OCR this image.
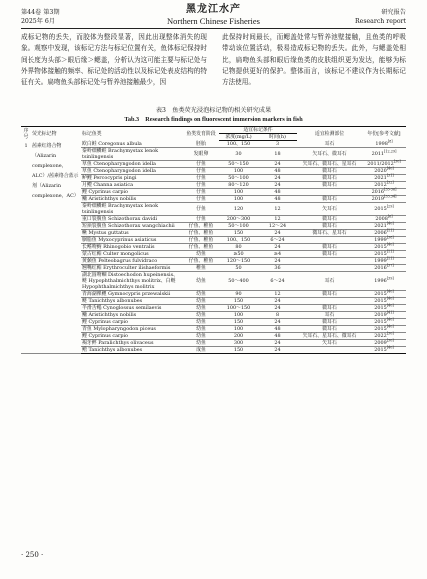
第44卷 第3期
2025年 6月
黑龙江水产
Northern Chinese Fisheries
研究报告
Research report
成标记物的丢失，而胶体为整段显著，因此出现整体消失的现象。观察中发现，该标记方法与标记位置有关，鱼体标记保持时间长度为头部＞眼后缘＞鳃盖，分析认为这可能主要与标记处与外界物体接触的频率、标记处的活动性以及标记处表皮结构的特征有关。扁吻鱼头部标记处与暂养池接触最少，因
此保持时间最长，而鳃盖处常与暂养池壁接触，且鱼类的呼吸带动该位置活动，极易造成标记物的丢失。此外，与鳃盖处相比，扁吻鱼头部和眼后缘鱼类的皮肤组织更为发达，能够为标记物提供更好的保护。整体而言，该标记不建议作为长期标记方法使用。
表3　鱼类荧光浸泡标记物的相关研究成果
Tab.3　Research findings on fluorescent immersion markers in fish
序号	荧光标记物	标记鱼类	鱼类发育阶段	适宜标记条件		适宜检测部位	年份[参考文献]
				浓度(mg/L)	时间(h)		
1	茜素红络合物（Alizarin complexone，ALC）/茜素络合蓝示剂（Alizarin complexone，AC）	欧白鲑 Coregonus albula	胚胎	100、150	3	耳石	1998[8]
		秦岭细鳞鲑 Brachymystax lenok tsinlingensis	发眼卵	30	18	矢耳石、微耳石	2011[12,29]
		草鱼 Ctenopharyngodon idella	仔鱼	50～150	24	矢耳石、微耳石、星耳石	2011/2012[30]
		草鱼 Ctenopharyngodon idella	仔鱼	100	48	微耳石	2020[40]
		鲈鲤 Percocypris pingi	仔鱼	50～100	24	微耳石	2021[31]
		月鳢 Channa asiatica	仔鱼	80～120	24	微耳石	2012[32]
		鲤 Cyprinus carpio	仔鱼	100	48		2016[35-36]
		鳙 Aristichthys nobilis	仔鱼	100	48	微耳石	2019[33,34]
		秦岭细鳞鲑 Brachymystax lenok tsinlingensis	仔鱼	120	12	矢耳石	2015[29]
		重口裂腹鱼 Schizothorax davidi	仔鱼	200～300	12	微耳石	2008[6]
		短须裂腹鱼 Schizothorax wangchiachii	仔鱼、稚鱼	50～100	12～24	微耳石	2021[40]
		鳜 Mystus guttatus	仔鱼、稚鱼	150	24	微耳石、星耳石	2006[11]
		胭脂鱼 Myxocyprinus asiaticus	仔鱼、稚鱼	100、150	6～24		1999[38]
		长鳍吻鮈 Rhinogobio ventralis	仔鱼、稚鱼	80	24	微耳石	2015[40]
		蒙古红鲌 Culter mongolicus	幼鱼	≥50	≥4	微耳石	2015[11]
		黄颡鱼 Pelteobagrus fulvidraco	仔鱼、稚鱼	120～150	24		1999[11]
		翘嘴红鲌 Erythroculter ilishaeformis	稚鱼	50	36		2016[37]
		湖北圆吻鲴 Distoechodon hupeinensis、鲢 Hypophthalmichthys molitrix、白鲢 Hypophthalmichthys molitrix	幼鱼	50～400	6～24	耳石	1996[39]
		青海湖裸鲤 Gymnocypris przewalskii	幼鱼	90	12	微耳石	2015[40]
		鲢 Tanichthys albonubes	幼鱼	150	24		2015[40]
		半滑舌鳎 Cynoglossus semilaevis	幼鱼	100～150	24	微耳石	2015[40]
		鳙 Aristichthys nobilis	幼鱼	100	8	耳石	2019[41]
		鲤 Cyprinus carpio	幼鱼	150	24	微耳石	2015[40]
		青鱼 Mylopharyngodon piceus	幼鱼	100	48	微耳石	2015[40]
		鲤 Cyprinus carpio	幼鱼	200	48	矢耳石、星耳石、微耳石	2022[30]
		褐牙鲆 Paralichthys olivaceus	幼鱼	300	24	矢耳石	2009[30]
		鳤 Tanichthys albonubes	成鱼	150	24		2015[40]
· 250 ·
